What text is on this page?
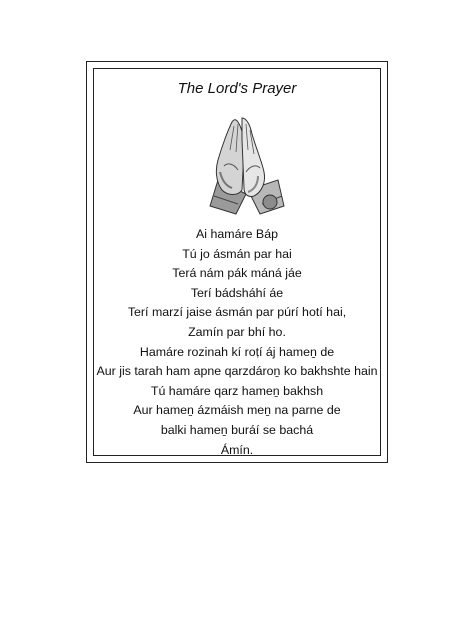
The Lord's Prayer
Ai hamáre Báp
Tú jo ásmán par hai
Terá nám pák máná jáe
Terí bádsháhí áe
Terí marzí jaise ásmán par púrí hotí hai,
Zamín par bhí ho.
Hamáre rozinah kí roṭí áj hameṉ de
Aur jis tarah ham apne qarzdároṉ ko bakhshte hain
Tú hamáre qarz hameṉ bakhsh
Aur hameṉ ázmáish meṉ na parne de
balki hameṉ buráí se bachá
Ámín.
